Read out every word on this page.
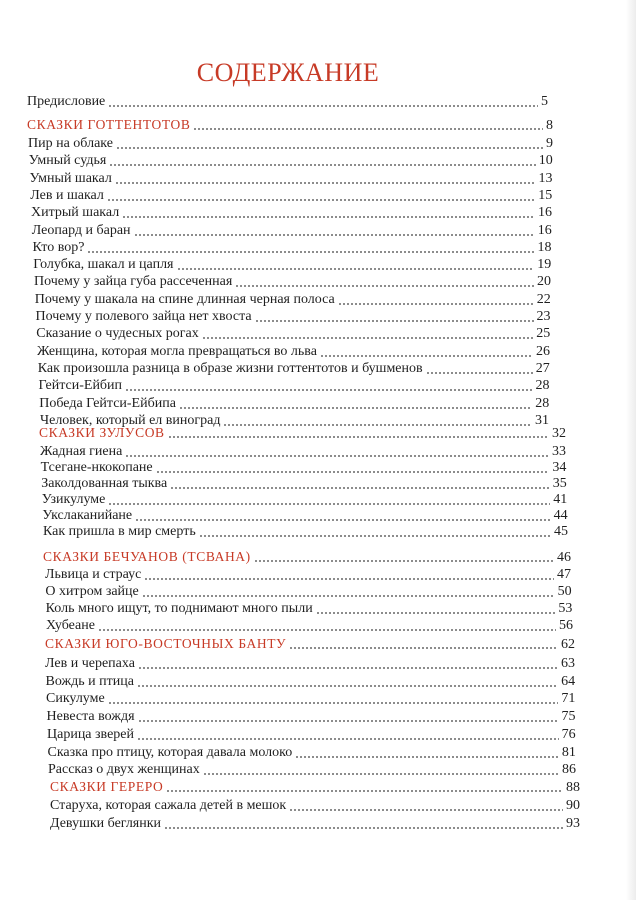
СОДЕРЖАНИЕ
Предисловие	5
СКАЗКИ ГОТТЕНТОТОВ	8
Пир на облаке	9
Умный судья	10
Умный шакал	13
Лев и шакал	15
Хитрый шакал	16
Леопард и баран	16
Кто вор?	18
Голубка, шакал и цапля	19
Почему у зайца губа рассеченная	20
Почему у шакала на спине длинная черная полоса	22
Почему у полевого зайца нет хвоста	23
Сказание о чудесных рогах	25
Женщина, которая могла превращаться во льва	26
Как произошла разница в образе жизни готтентотов и бушменов	27
Гейтси-Ейбип	28
Победа Гейтси-Ейбипа	28
Человек, который ел виноград	31
СКАЗКИ ЗУЛУСОВ	32
Жадная гиена	33
Тсегане-нкокопане	34
Заколдованная тыква	35
Узикулуме	41
Укслаканийане	44
Как пришла в мир смерть	45
СКАЗКИ БЕЧУАНОВ (ТСВАНА)	46
Львица и страус	47
О хитром зайце	50
Коль много ищут, то поднимают много пыли	53
Хубеане	56
СКАЗКИ ЮГО-ВОСТОЧНЫХ БАНТУ	62
Лев и черепаха	63
Вождь и птица	64
Сикулуме	71
Невеста вождя	75
Царица зверей	76
Сказка про птицу, которая давала молоко	81
Рассказ о двух женщинах	86
СКАЗКИ ГЕРЕРО	88
Старуха, которая сажала детей в мешок	90
Девушки беглянки	93
